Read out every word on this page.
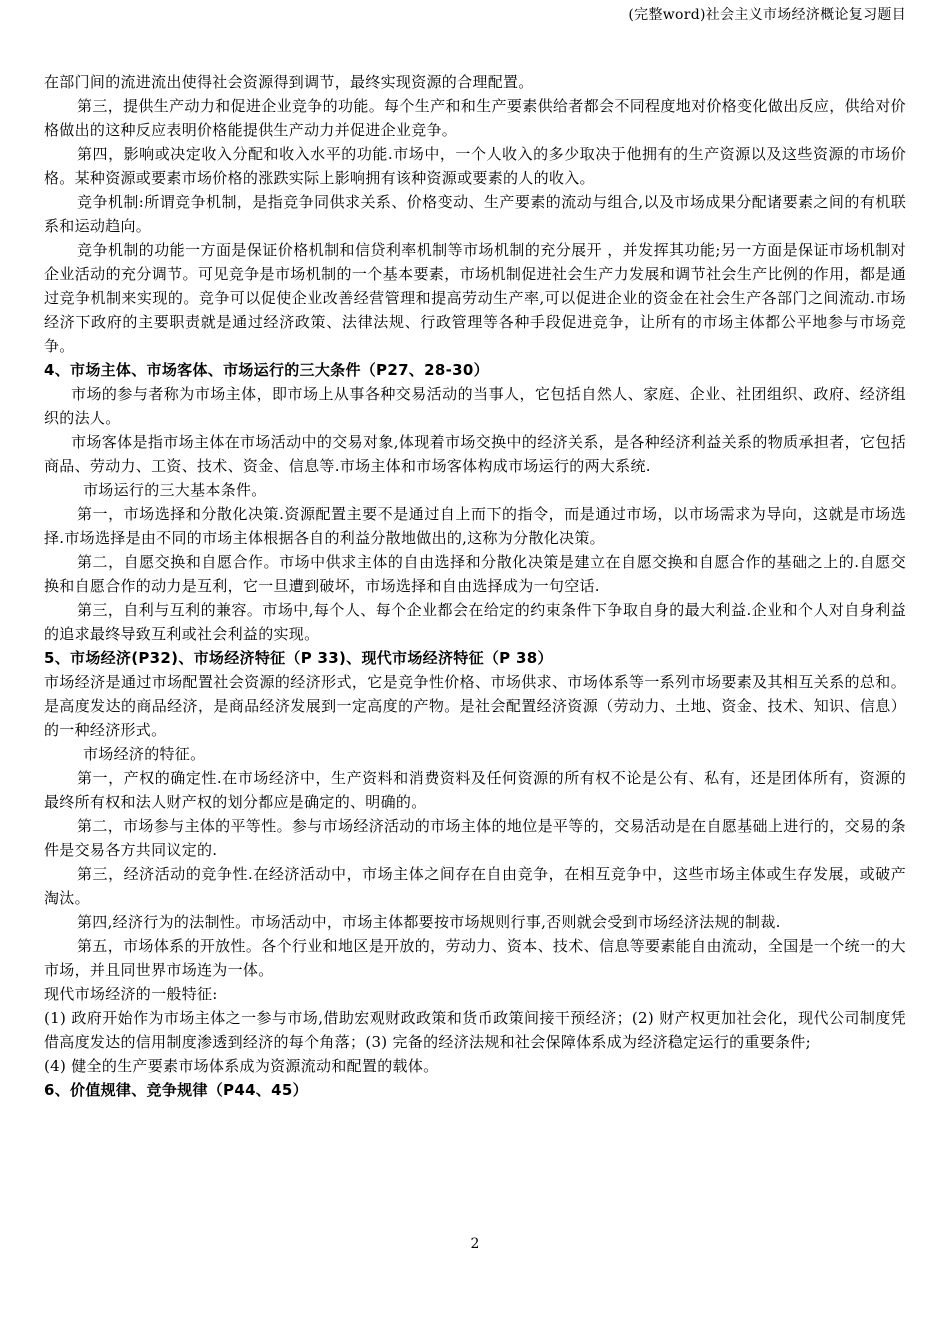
(完整word)社会主义市场经济概论复习题目

在部门间的流进流出使得社会资源得到调节，最终实现资源的合理配置。

第三，提供生产动力和促进企业竞争的功能。每个生产和和生产要素供给者都会不同程度地对价格变化做出反应，供给对价格做出的这种反应表明价格能提供生产动力并促进企业竞争。

第四，影响或决定收入分配和收入水平的功能.市场中，一个人收入的多少取决于他拥有的生产资源以及这些资源的市场价格。某种资源或要素市场价格的涨跌实际上影响拥有该种资源或要素的人的收入。

竞争机制:所谓竞争机制，是指竞争同供求关系、价格变动、生产要素的流动与组合,以及市场成果分配诸要素之间的有机联系和运动趋向。

竞争机制的功能一方面是保证价格机制和信贷利率机制等市场机制的充分展开 ，并发挥其功能;另一方面是保证市场机制对企业活动的充分调节。可见竞争是市场机制的一个基本要素，市场机制促进社会生产力发展和调节社会生产比例的作用，都是通过竞争机制来实现的。竞争可以促使企业改善经营管理和提高劳动生产率,可以促进企业的资金在社会生产各部门之间流动.市场经济下政府的主要职责就是通过经济政策、法律法规、行政管理等各种手段促进竞争，让所有的市场主体都公平地参与市场竞争。

4、市场主体、市场客体、市场运行的三大条件（P27、28-30）

市场的参与者称为市场主体，即市场上从事各种交易活动的当事人，它包括自然人、家庭、企业、社团组织、政府、经济组织的法人。

市场客体是指市场主体在市场活动中的交易对象,体现着市场交换中的经济关系，是各种经济利益关系的物质承担者，它包括商品、劳动力、工资、技术、资金、信息等.市场主体和市场客体构成市场运行的两大系统.

市场运行的三大基本条件。

第一，市场选择和分散化决策.资源配置主要不是通过自上而下的指令，而是通过市场，以市场需求为导向，这就是市场选择.市场选择是由不同的市场主体根据各自的利益分散地做出的,这称为分散化决策。

第二，自愿交换和自愿合作。市场中供求主体的自由选择和分散化决策是建立在自愿交换和自愿合作的基础之上的.自愿交换和自愿合作的动力是互利，它一旦遭到破坏，市场选择和自由选择成为一句空话.

第三，自利与互利的兼容。市场中,每个人、每个企业都会在给定的约束条件下争取自身的最大利益.企业和个人对自身利益的追求最终导致互利或社会利益的实现。

5、市场经济(P32)、市场经济特征（P 33)、现代市场经济特征（P 38）

市场经济是通过市场配置社会资源的经济形式，它是竞争性价格、市场供求、市场体系等一系列市场要素及其相互关系的总和。是高度发达的商品经济，是商品经济发展到一定高度的产物。是社会配置经济资源（劳动力、土地、资金、技术、知识、信息）的一种经济形式。

市场经济的特征。

第一，产权的确定性.在市场经济中，生产资料和消费资料及任何资源的所有权不论是公有、私有，还是团体所有，资源的最终所有权和法人财产权的划分都应是确定的、明确的。

第二，市场参与主体的平等性。参与市场经济活动的市场主体的地位是平等的，交易活动是在自愿基础上进行的，交易的条件是交易各方共同议定的.

第三，经济活动的竞争性.在经济活动中，市场主体之间存在自由竞争，在相互竞争中，这些市场主体或生存发展，或破产淘汰。

第四,经济行为的法制性。市场活动中，市场主体都要按市场规则行事,否则就会受到市场经济法规的制裁.

第五，市场体系的开放性。各个行业和地区是开放的，劳动力、资本、技术、信息等要素能自由流动，全国是一个统一的大市场，并且同世界市场连为一体。

现代市场经济的一般特征:

(1) 政府开始作为市场主体之一参与市场,借助宏观财政政策和货币政策间接干预经济；(2) 财产权更加社会化，现代公司制度凭借高度发达的信用制度渗透到经济的每个角落；(3) 完备的经济法规和社会保障体系成为经济稳定运行的重要条件;

(4) 健全的生产要素市场体系成为资源流动和配置的载体。

6、价值规律、竞争规律（P44、45）

2
